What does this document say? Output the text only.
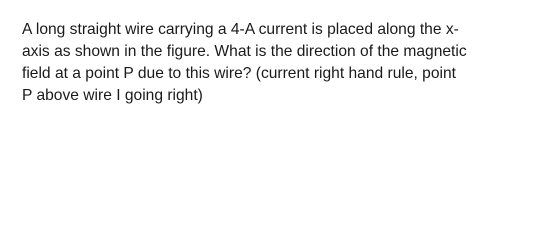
A long straight wire carrying a 4-A current is placed along the x-
axis as shown in the figure. What is the direction of the magnetic
field at a point P due to this wire? (current right hand rule, point
P above wire I going right)
